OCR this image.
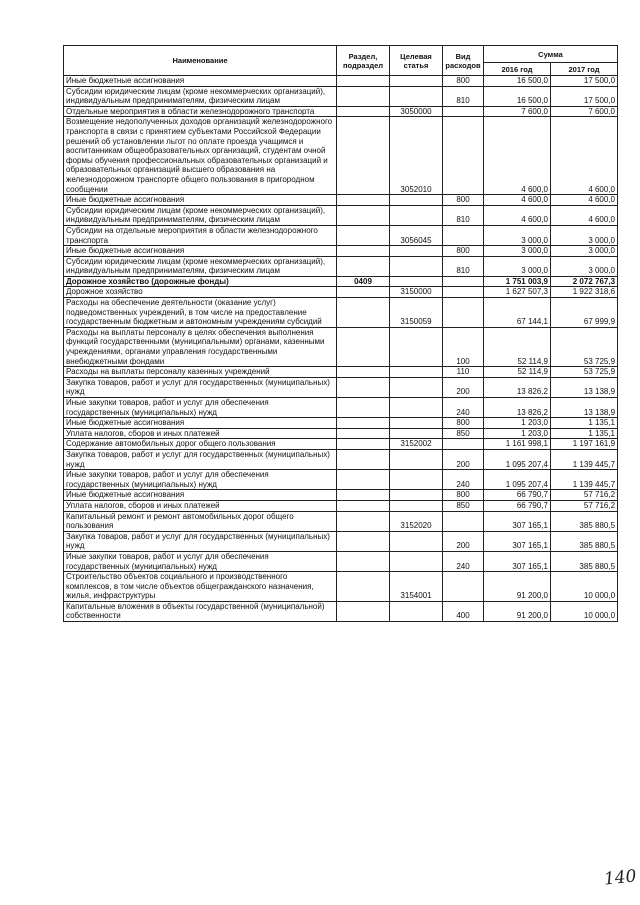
Наименование	Раздел, подраздел	Целевая статья	Вид расходов	Сумма	
				2016 год	2017 год
Иные бюджетные ассигнования			800	16 500,0	17 500,0
Субсидии юридическим лицам (кроме некоммерческих организаций), индивидуальным предпринимателям, физическим лицам			810	16 500,0	17 500,0
Отдельные мероприятия в области железнодорожного транспорта		3050000		7 600,0	7 600,0
Возмещение недополученных доходов организаций железнодорожного транспорта в связи с принятием субъектами Российской Федерации решений об установлении льгот по оплате проезда учащимся и воспитанникам общеобразовательных организаций, студентам очной формы обучения профессиональных образовательных организаций и образовательных организаций высшего образования на железнодорожном транспорте общего пользования в пригородном сообщении		3052010		4 600,0	4 600,0
Иные бюджетные ассигнования			800	4 600,0	4 600,0
Субсидии юридическим лицам (кроме некоммерческих организаций), индивидуальным предпринимателям, физическим лицам			810	4 600,0	4 600,0
Субсидии на отдельные мероприятия в области железнодорожного транспорта		3056045		3 000,0	3 000,0
Иные бюджетные ассигнования			800	3 000,0	3 000,0
Субсидии юридическим лицам (кроме некоммерческих организаций), индивидуальным предпринимателям, физическим лицам			810	3 000,0	3 000,0
Дорожное хозяйство (дорожные фонды)	0409			1 751 003,9	2 072 767,3
Дорожное хозяйство		3150000		1 627 507,3	1 922 318,6
Расходы на обеспечение деятельности (оказание услуг) подведомственных учреждений, в том числе на предоставление государственным бюджетным и автономным учреждениям субсидий		3150059		67 144,1	67 999,9
Расходы на выплаты персоналу в целях обеспечения выполнения функций государственными (муниципальными) органами, казенными учреждениями, органами управления государственными внебюджетными фондами			100	52 114,9	53 725,9
Расходы на выплаты персоналу казенных учреждений			110	52 114,9	53 725,9
Закупка товаров, работ и услуг для государственных (муниципальных) нужд			200	13 826,2	13 138,9
Иные закупки товаров, работ и услуг для обеспечения государственных (муниципальных) нужд			240	13 826,2	13 138,9
Иные бюджетные ассигнования			800	1 203,0	1 135,1
Уплата налогов, сборов и иных платежей			850	1 203,0	1 135,1
Содержание автомобильных дорог общего пользования		3152002		1 161 998,1	1 197 161,9
Закупка товаров, работ и услуг для государственных (муниципальных) нужд			200	1 095 207,4	1 139 445,7
Иные закупки товаров, работ и услуг для обеспечения государственных (муниципальных) нужд			240	1 095 207,4	1 139 445,7
Иные бюджетные ассигнования			800	66 790,7	57 716,2
Уплата налогов, сборов и иных платежей			850	66 790,7	57 716,2
Капитальный ремонт и ремонт автомобильных дорог общего пользования		3152020		307 165,1	385 880,5
Закупка товаров, работ и услуг для государственных (муниципальных) нужд			200	307 165,1	385 880,5
Иные закупки товаров, работ и услуг для обеспечения государственных (муниципальных) нужд			240	307 165,1	385 880,5
Строительство объектов социального и производственного комплексов, в том числе объектов общегражданского назначения, жилья, инфраструктуры		3154001		91 200,0	10 000,0
Капитальные вложения в объекты государственной (муниципальной) собственности			400	91 200,0	10 000,0
140
